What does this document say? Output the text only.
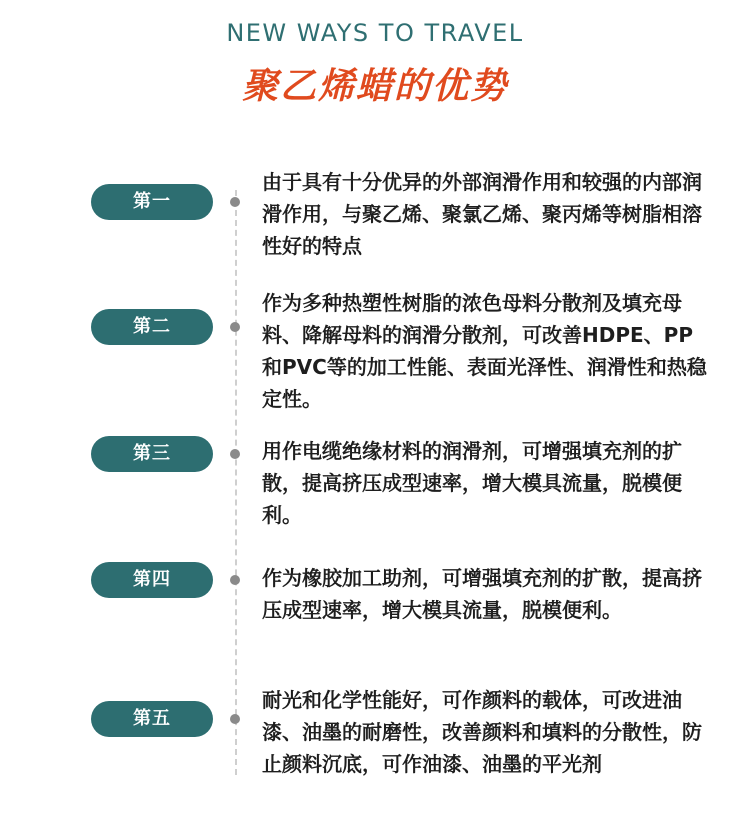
NEW WAYS TO TRAVEL
聚乙烯蜡的优势
第一
由于具有十分优异的外部润滑作用和较强的内部润滑作用，与聚乙烯、聚氯乙烯、聚丙烯等树脂相溶性好的特点
第二
作为多种热塑性树脂的浓色母料分散剂及填充母料、降解母料的润滑分散剂，可改善HDPE、PP和PVC等的加工性能、表面光泽性、润滑性和热稳定性。
第三	用作电缆绝缘材料的润滑剂，可增强填充剂的扩散，提高挤压成型速率，增大模具流量，脱模便利。
第四	作为橡胶加工助剂，可增强填充剂的扩散，提高挤压成型速率，增大模具流量，脱模便利。
第五
耐光和化学性能好，可作颜料的载体，可改进油漆、油墨的耐磨性，改善颜料和填料的分散性，防止颜料沉底，可作油漆、油墨的平光剂
